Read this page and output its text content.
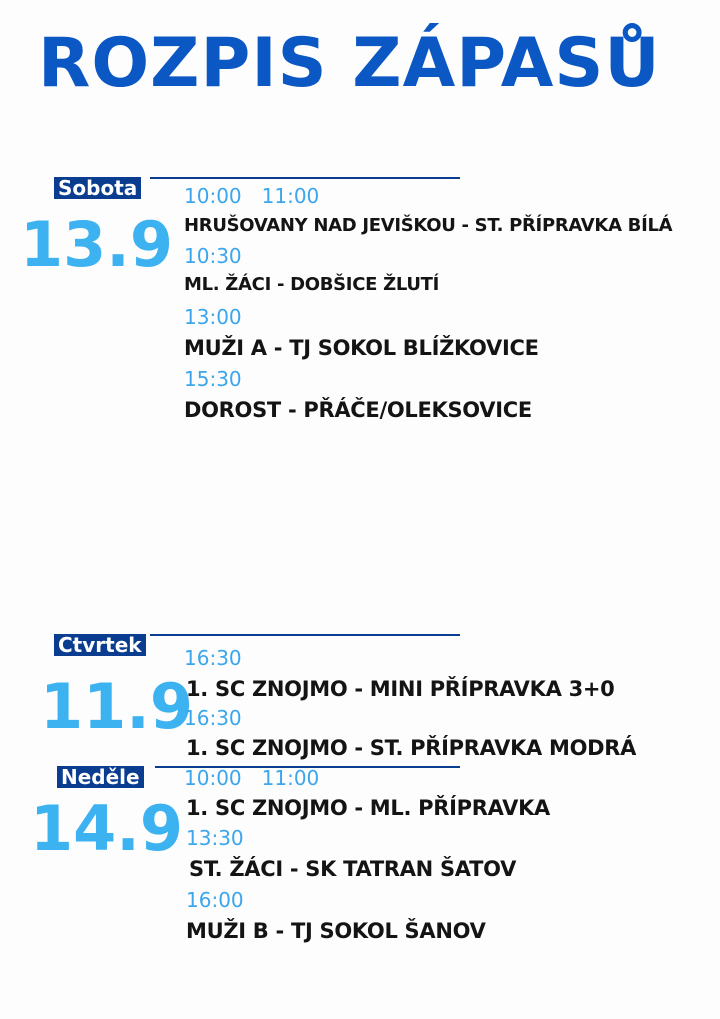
ROZPIS ZÁPASŮ
Sobota
13.9
10:00 11:00
HRUŠOVANY NAD JEVIŠKOU - ST. PŘÍPRAVKA BÍLÁ
10:30
ML. ŽÁCI - DOBŠICE ŽLUTÍ
13:00
MUŽI A - TJ SOKOL BLÍŽKOVICE
15:30
DOROST - PŘÁČE/OLEKSOVICE
Ctvrtek
11.9
16:30
1. SC ZNOJMO - MINI PŘÍPRAVKA 3+0
16:30
1. SC ZNOJMO - ST. PŘÍPRAVKA MODRÁ
Neděle
14.9
10:00 11:00
1. SC ZNOJMO - ML. PŘÍPRAVKA
13:30
ST. ŽÁCI - SK TATRAN ŠATOV
16:00
MUŽI B - TJ SOKOL ŠANOV
